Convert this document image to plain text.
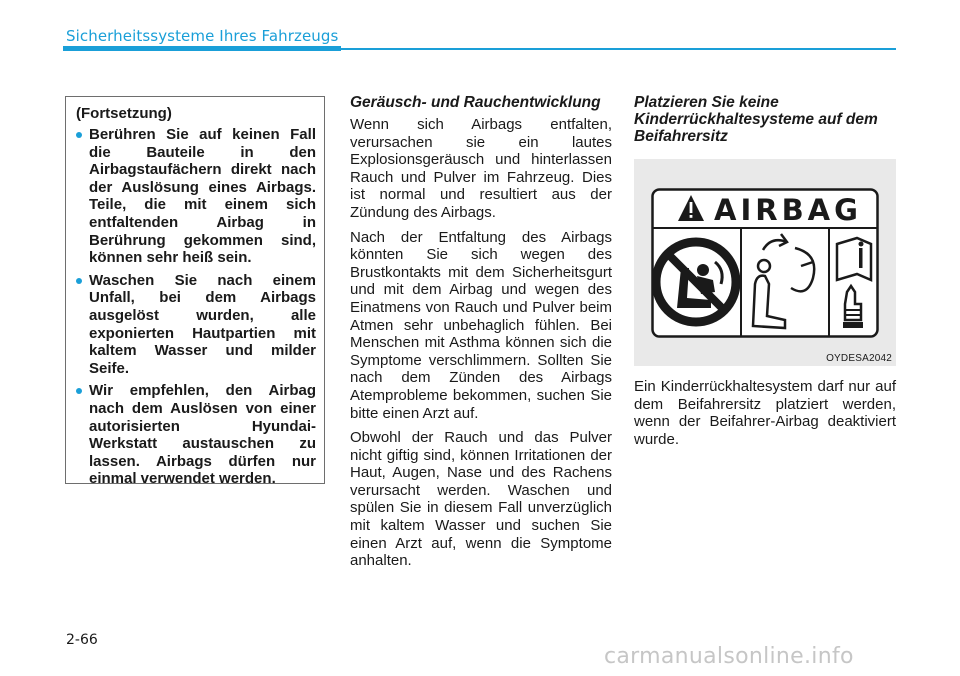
Sicherheitssysteme Ihres Fahrzeugs
(Fortsetzung)
Berühren Sie auf keinen Fall die Bauteile in den Airbagstaufächern direkt nach der Auslösung eines Airbags. Teile, die mit einem sich entfaltenden Airbag in Berührung gekommen sind, können sehr heiß sein.
Waschen Sie nach einem Unfall, bei dem Airbags ausgelöst wurden, alle exponierten Hautpartien mit kaltem Wasser und milder Seife.
Wir empfehlen, den Airbag nach dem Auslösen von einer autorisierten Hyundai-Werkstatt austauschen zu lassen. Airbags dürfen nur einmal verwendet werden.
Geräusch- und Rauchentwicklung

Wenn sich Airbags entfalten, verursachen sie ein lautes Explosionsgeräusch und hinterlassen Rauch und Pulver im Fahrzeug. Dies ist normal und resultiert aus der Zündung des Airbags.

Nach der Entfaltung des Airbags könnten Sie sich wegen des Brustkontakts mit dem Sicherheitsgurt und mit dem Airbag und wegen des Einatmens von Rauch und Pulver beim Atmen sehr unbehaglich fühlen. Bei Menschen mit Asthma können sich die Symptome verschlimmern. Sollten Sie nach dem Zünden des Airbags Atemprobleme bekommen, suchen Sie bitte einen Arzt auf.

Obwohl der Rauch und das Pulver nicht giftig sind, können Irritationen der Haut, Augen, Nase und des Rachens verursacht werden. Waschen und spülen Sie in diesem Fall unverzüglich mit kaltem Wasser und suchen Sie einen Arzt auf, wenn die Symptome anhalten.

Platzieren Sie keine Kinderrückhaltesysteme auf dem Beifahrersitz
AIRBAG
OYDESA2042

Ein Kinderrückhaltesystem darf nur auf dem Beifahrersitz platziert werden, wenn der Beifahrer-Airbag deaktiviert wurde.

2-66
carmanualsonline.info
